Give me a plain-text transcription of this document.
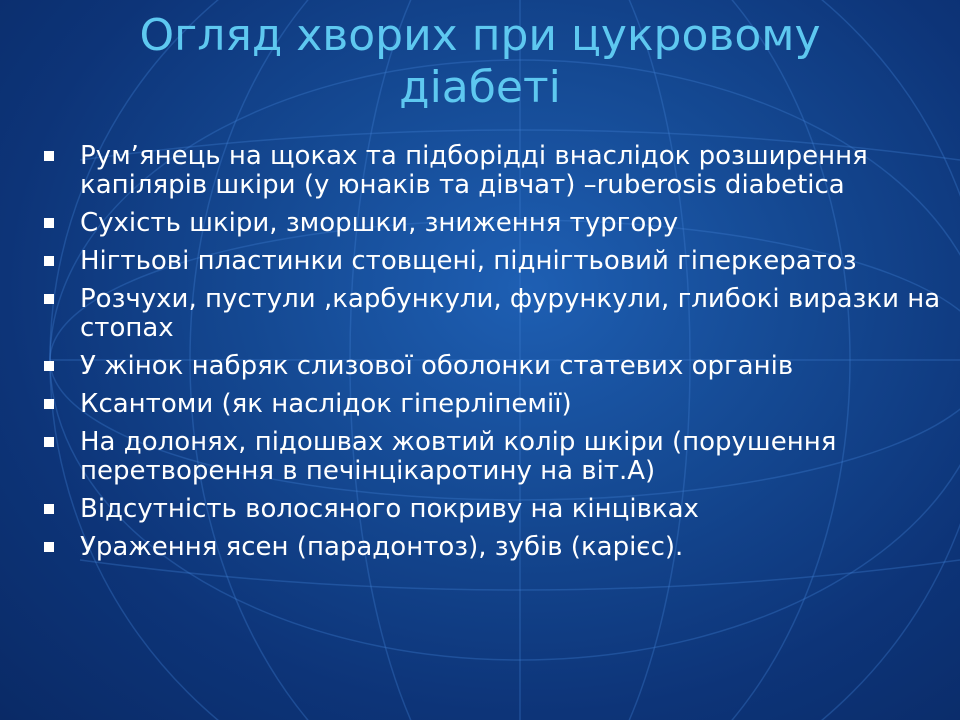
Огляд хворих при цукровому
діабеті
Рум’янець на щоках та підборідді внаслідок розширення капілярів шкіри (у юнаків та дівчат) –ruberosis diabetica
Сухість шкіри, зморшки, зниження тургору
Нігтьові пластинки стовщені, піднігтьовий гіперкератоз
Розчухи, пустули ,карбункули, фурункули, глибокі виразки на стопах
У жінок набряк слизової оболонки статевих органів
Ксантоми (як наслідок гіперліпемії)
На долонях, підошвах жовтий колір шкіри (порушення перетворення в печінцікаротину на віт.А)
Відсутність волосяного покриву на кінцівках
Ураження ясен (парадонтоз), зубів (карієс).
